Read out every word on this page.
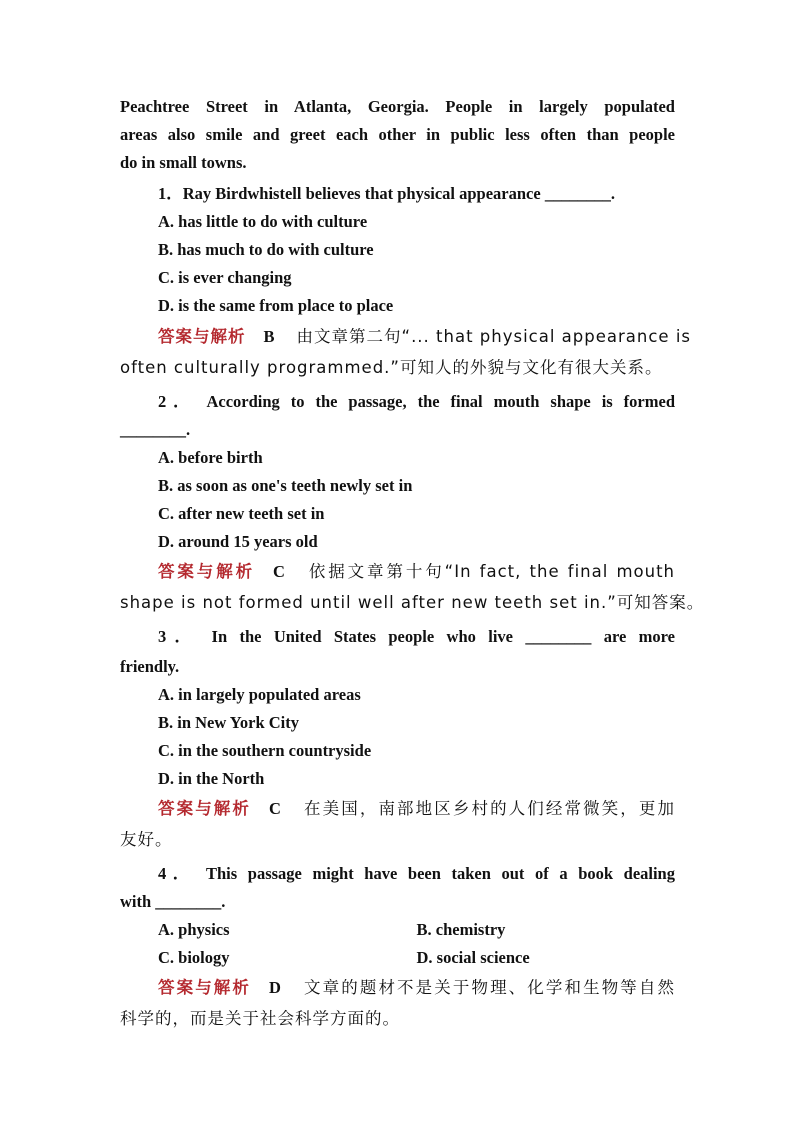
Peachtree Street in Atlanta, Georgia. People in largely populated
areas also smile and greet each other in public less often than people
do in small towns.
1．Ray Birdwhistell believes that physical appearance ________.
A. has little to do with culture
B. has much to do with culture
C. is ever changing
D. is the same from place to place
答案与解析 B 由文章第二句“... that physical appearance is
often culturally programmed.”可知人的外貌与文化有很大关系。
2． According to the passage, the final mouth shape is formed
________.
A. before birth
B. as soon as one's teeth newly set in
C. after new teeth set in
D. around 15 years old
答案与解析 C 依据文章第十句“In fact, the final mouth
shape is not formed until well after new teeth set in.”可知答案。
3． In the United States people who live ________ are more
friendly.
A. in largely populated areas
B. in New York City
C. in the southern countryside
D. in the North
答案与解析 C 在美国，南部地区乡村的人们经常微笑，更加
友好。
4． This passage might have been taken out of a book dealing
with ________.
A. physics	B. chemistry
C. biology	D. social science
答案与解析 D 文章的题材不是关于物理、化学和生物等自然
科学的，而是关于社会科学方面的。
